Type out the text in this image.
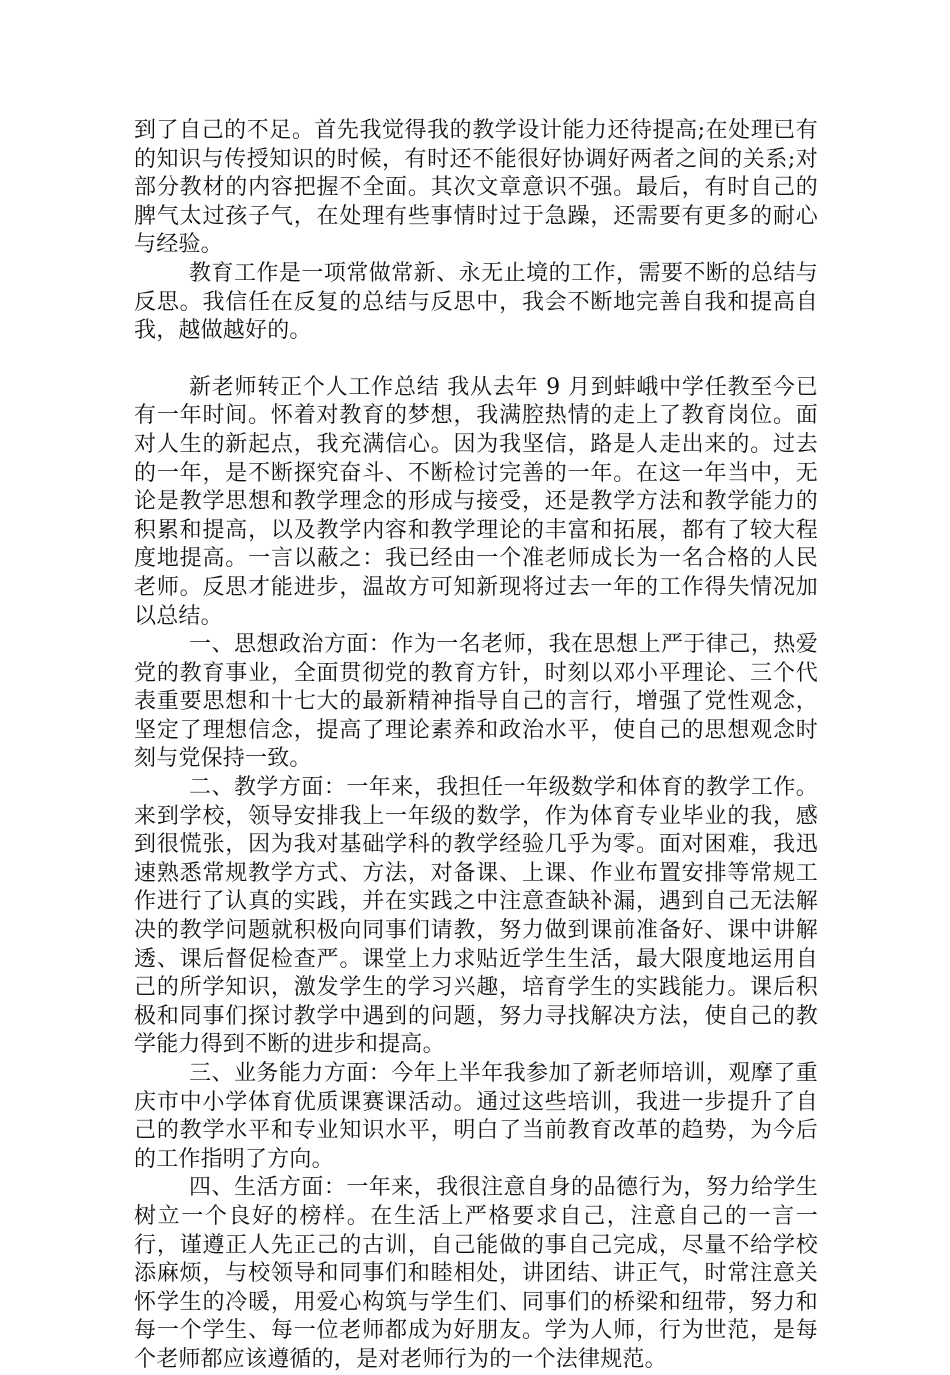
到了自己的不足。首先我觉得我的教学设计能力还待提高;在处理已有的知识与传授知识的时候，有时还不能很好协调好两者之间的关系;对部分教材的内容把握不全面。其次文章意识不强。最后，有时自己的脾气太过孩子气，在处理有些事情时过于急躁，还需要有更多的耐心与经验。

教育工作是一项常做常新、永无止境的工作，需要不断的总结与反思。我信任在反复的总结与反思中，我会不断地完善自我和提高自我，越做越好的。

新老师转正个人工作总结 我从去年 9 月到蚌峨中学任教至今已有一年时间。怀着对教育的梦想，我满腔热情的走上了教育岗位。面对人生的新起点，我充满信心。因为我坚信，路是人走出来的。过去的一年，是不断探究奋斗、不断检讨完善的一年。在这一年当中，无论是教学思想和教学理念的形成与接受，还是教学方法和教学能力的积累和提高，以及教学内容和教学理论的丰富和拓展，都有了较大程度地提高。一言以蔽之：我已经由一个准老师成长为一名合格的人民老师。反思才能进步，温故方可知新现将过去一年的工作得失情况加以总结。

一、思想政治方面：作为一名老师，我在思想上严于律己，热爱党的教育事业，全面贯彻党的教育方针，时刻以邓小平理论、三个代表重要思想和十七大的最新精神指导自己的言行，增强了党性观念，坚定了理想信念，提高了理论素养和政治水平，使自己的思想观念时刻与党保持一致。

二、教学方面：一年来，我担任一年级数学和体育的教学工作。来到学校，领导安排我上一年级的数学，作为体育专业毕业的我，感到很慌张，因为我对基础学科的教学经验几乎为零。面对困难，我迅速熟悉常规教学方式、方法，对备课、上课、作业布置安排等常规工作进行了认真的实践，并在实践之中注意查缺补漏，遇到自己无法解决的教学问题就积极向同事们请教，努力做到课前准备好、课中讲解透、课后督促检查严。课堂上力求贴近学生生活，最大限度地运用自己的所学知识，激发学生的学习兴趣，培育学生的实践能力。课后积极和同事们探讨教学中遇到的问题，努力寻找解决方法，使自己的教学能力得到不断的进步和提高。

三、业务能力方面：今年上半年我参加了新老师培训，观摩了重庆市中小学体育优质课赛课活动。通过这些培训，我进一步提升了自己的教学水平和专业知识水平，明白了当前教育改革的趋势，为今后的工作指明了方向。

四、生活方面：一年来，我很注意自身的品德行为，努力给学生树立一个良好的榜样。在生活上严格要求自己，注意自己的一言一行，谨遵正人先正己的古训，自己能做的事自己完成，尽量不给学校添麻烦，与校领导和同事们和睦相处，讲团结、讲正气，时常注意关怀学生的冷暖，用爱心构筑与学生们、同事们的桥梁和纽带，努力和每一个学生、每一位老师都成为好朋友。学为人师，行为世范，是每个老师都应该遵循的，是对老师行为的一个法律规范。
